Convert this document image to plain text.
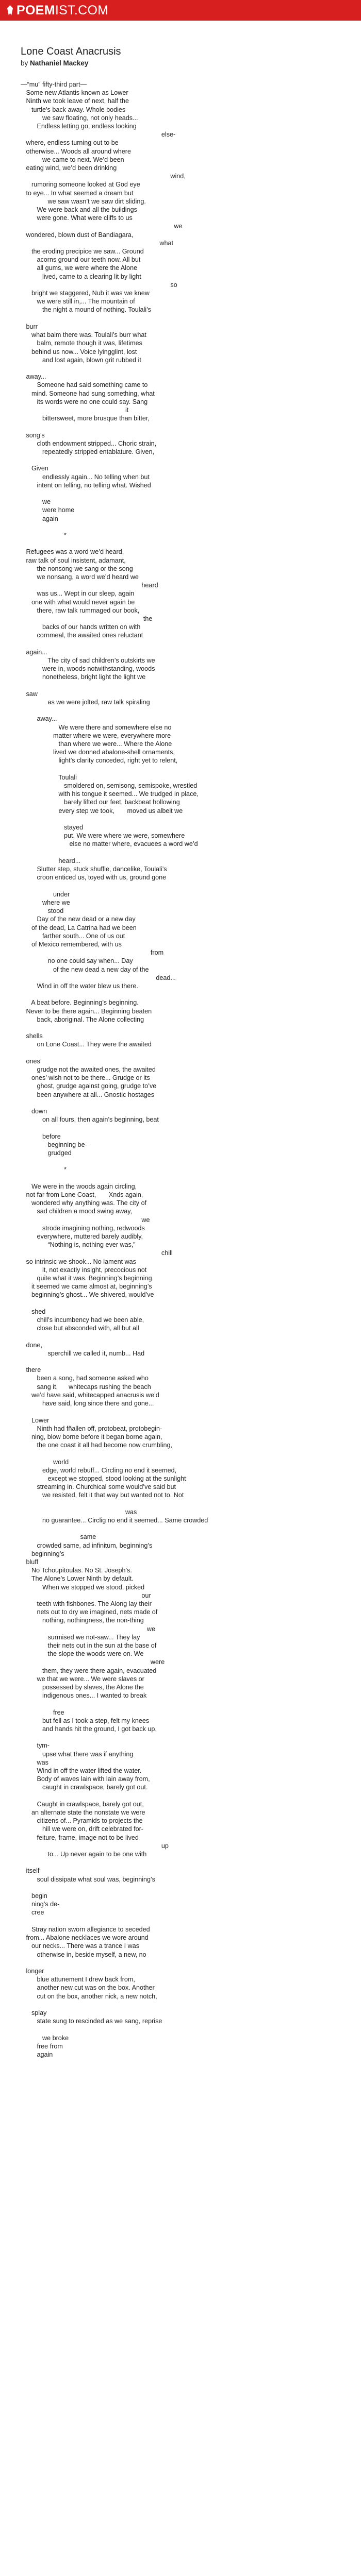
POEMIST.COM
Lone Coast Anacrusis
by Nathaniel Mackey
—“mu” fifty-third part—
Some new Atlantis known as Lower
Ninth we took leave of next, half the
turtle’s back away. Whole bodies
we saw floating, not only heads...
Endless letting go, endless looking
else-
where, endless turning out to be
otherwise... Woods all around where
we came to next. We’d been
eating wind, we’d been drinking
wind,
rumoring someone looked at God eye
to eye... In what seemed a dream but
we saw wasn’t we saw dirt sliding.
We were back and all the buildings
were gone. What were cliffs to us
we
wondered, blown dust of Bandiagara,
what
the eroding precipice we saw... Ground
acorns ground our teeth now. All but
all gums, we were where the Alone
lived, came to a clearing lit by light
so
bright we staggered, Nub it was we knew
we were still in,... The mountain of
the night a mound of nothing. Toulali’s

burr
what balm there was. Toulali’s burr what
balm, remote though it was, lifetimes
behind us now... Voice lyingglint, lost
and lost again, blown grit rubbed it

away...
Someone had said something came to
mind. Someone had sung something, what
its words were no one could say. Sang
it
bittersweet, more brusque than bitter,

song’s
cloth endowment stripped... Choric strain,
repeatedly stripped entablature. Given,

Given
endlessly again... No telling when but
intent on telling, no telling what. Wished

we
were home
again

*

Refugees was a word we’d heard,
raw talk of soul insistent, adamant,
the nonsong we sang or the song
we nonsang, a word we’d heard we
heard
was us... Wept in our sleep, again
one with what would never again be
there, raw talk rummaged our book,
the
backs of our hands written on with
cornmeal, the awaited ones reluctant

again...
The city of sad children’s outskirts we
were in, woods notwithstanding, woods
nonetheless, bright light the light we

saw
as we were jolted, raw talk spiraling

away...
We were there and somewhere else no
matter where we were, everywhere more
than where we were... Where the Alone
lived we donned abalone-shell ornaments,
light’s clarity conceded, right yet to relent,

Toulali
smoldered on, semisong, semispoke, wrestled
with his tongue it seemed... We trudged in place,
barely lifted our feet, backbeat hollowing
every step we took,       moved us albeit we

stayed
put. We were where we were, somewhere
else no matter where, evacuees a word we’d

heard...
Slutter step, stuck shuffle, dancelike, Toulali’s
croon enticed us, toyed with us, ground gone

under
where we
stood
Day of the new dead or a new day
of the dead, La Catrina had we been
farther south... One of us out
of Mexico remembered, with us
from
no one could say when... Day
of the new dead a new day of the
dead...
Wind in off the water blew us there.

A beat before. Beginning’s beginning.
Never to be there again... Beginning beaten
back, aboriginal. The Alone collecting

shells
on Lone Coast... They were the awaited

ones’
grudge not the awaited ones, the awaited
ones’ wish not to be there... Grudge or its
ghost, grudge against going, grudge to’ve
been anywhere at all... Gnostic hostages

down
on all fours, then again’s beginning, beat

before
beginning be-
grudged

*

We were in the woods again circling,
not far from Lone Coast,       Xnds again,
wondered why anything was. The city of
sad children a mood swing away,
we
strode imagining nothing, redwoods
everywhere, muttered barely audibly,
“Nothing is, nothing ever was,”
chill
so intrinsic we shook... No lament was
it, not exactly insight, precocious not
quite what it was. Beginning’s beginning
it seemed we came almost at, beginning’s
beginning’s ghost... We shivered, would’ve

shed
chill’s incumbency had we been able,
close but absconded with, all but all

done,
sperchill we called it, numb... Had

there
been a song, had someone asked who
sang it,      whitecaps rushing the beach
we’d have said, whitecapped anacrusis we’d
have said, long since there and gone...

Lower
Ninth had fñallen off, protobeat, protobegin-
ning, blow borne before it began borne again,
the one coast it all had become now crumbling,

world
edge, world rebuff... Circling no end it seemed,
except we stopped, stood looking at the sunlight
streaming in. Churchical some would’ve said but
we resisted, felt it that way but wanted not to. Not

was
no guarantee... Circlig no end it seemed... Same crowded

same
crowded same, ad infinitum, beginning’s
beginning’s
bluff
No Tchoupitoulas. No St. Joseph’s.
The Alone’s Lower Ninth by default.
When we stopped we stood, picked
our
teeth with fishbones. The Along lay their
nets out to dry we imagined, nets made of
nothing, nothingness, the non-thing
we
surmised we not-saw... They lay
their nets out in the sun at the base of
the slope the woods were on. We
were
them, they were there again, evacuated
we that we were... We were slaves or
possessed by slaves, the Alone the
indigenous ones... I wanted to break

free
but fell as I took a step, felt my knees
and hands hit the ground, I got back up,

tym-
upse what there was if anything
was
Wind in off the water lifted the water.
Body of waves lain with lain away from,
caught in crawlspace, barely got out.

Caught in crawlspace, barely got out,
an alternate state the nonstate we were
citizens of... Pyramids to projects the
hill we were on, drift celebrated for-
feiture, frame, image not to be lived
up
to... Up never again to be one with

itself
soul dissipate what soul was, beginning’s

begin
ning’s de-
cree

Stray nation sworn allegiance to seceded
from... Abalone necklaces we wore around
our necks... There was a trance I was
otherwise in, beside myself, a new, no

longer
blue attunement I drew back from,
another new cut was on the box. Another
cut on the box, another nick, a new notch,

splay
state sung to rescinded as we sang, reprise

we broke
free from
again
